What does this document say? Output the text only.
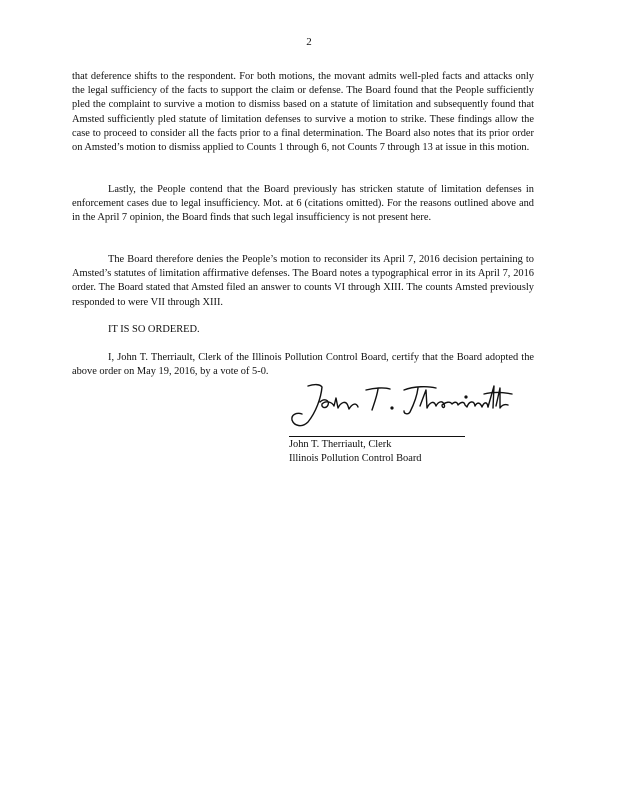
2

that deference shifts to the respondent. For both motions, the movant admits well-pled facts and attacks only the legal sufficiency of the facts to support the claim or defense. The Board found that the People sufficiently pled the complaint to survive a motion to dismiss based on a statute of limitation and subsequently found that Amsted sufficiently pled statute of limitation defenses to survive a motion to strike. These findings allow the case to proceed to consider all the facts prior to a final determination. The Board also notes that its prior order on Amsted’s motion to dismiss applied to Counts 1 through 6, not Counts 7 through 13 at issue in this motion.

Lastly, the People contend that the Board previously has stricken statute of limitation defenses in enforcement cases due to legal insufficiency. Mot. at 6 (citations omitted). For the reasons outlined above and in the April 7 opinion, the Board finds that such legal insufficiency is not present here.

The Board therefore denies the People’s motion to reconsider its April 7, 2016 decision pertaining to Amsted’s statutes of limitation affirmative defenses. The Board notes a typographical error in its April 7, 2016 order. The Board stated that Amsted filed an answer to counts VI through XIII. The counts Amsted previously responded to were VII through XIII.

IT IS SO ORDERED.

I, John T. Therriault, Clerk of the Illinois Pollution Control Board, certify that the Board adopted the above order on May 19, 2016, by a vote of 5-0.

John T. Therriault, Clerk
Illinois Pollution Control Board
